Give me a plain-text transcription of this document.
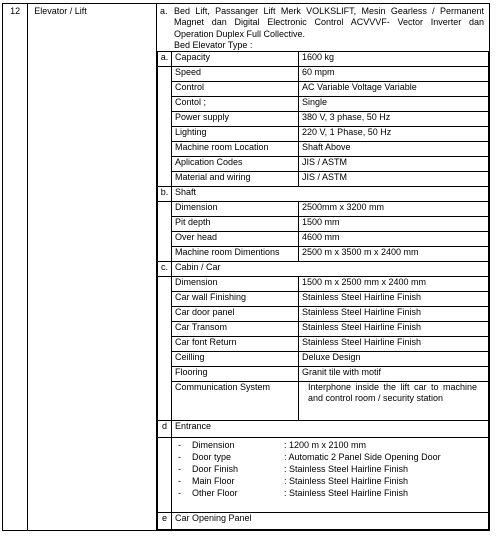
12	Elevator / Lift	a. Bed Lift, Passanger Lift Merk VOLKSLIFT, Mesin Gearless / Permanent Magnet dan Digital Electronic Control ACVVVF- Vector Inverter dan Operation Duplex Full Collective.
Bed Elevator Type :
a.	Capacity	1600 kg
	Speed	60 mpm
	Control	AC Variable Voltage Variable
	Contol ;	Single
	Power supply	380 V, 3 phase, 50 Hz
	Lighting	220 V, 1 Phase, 50 Hz
	Machine room Location	Shaft Above
	Aplication Codes	JIS / ASTM
	Material and wiring	JIS / ASTM
b.	Shaft
	Dimension	2500mm x 3200 mm
	Pit depth	1500 mm
	Over head	4600 mm
	Machine room Dimentions	2500 m x 3500 m x 2400 mm
c.	Cabin / Car
	Dimension	1500 m x 2500 mm x 2400 mm
	Car wall Finishing	Stainless Steel Hairline Finish
	Car door panel	Stainless Steel Hairline Finish
	Car Transom	Stainless Steel Hairline Finish
	Car font Return	Stainless Steel Hairline Finish
	Ceilling	Deluxe Design
	Flooring	Granit tile with motif
	Communication System	Interphone inside the lift car to machine and control room / security station

d	Entrance

-	Dimension	: 1200 m x 2100 mm
-	Door type	: Automatic 2 Panel Side Opening Door
-	Door Finish	: Stainless Steel Hairline Finish
-	Main Floor	: Stainless Steel Hairline Finish
-	Other Floor	: Stainless Steel Hairline Finish

e	Car Opening Panel
